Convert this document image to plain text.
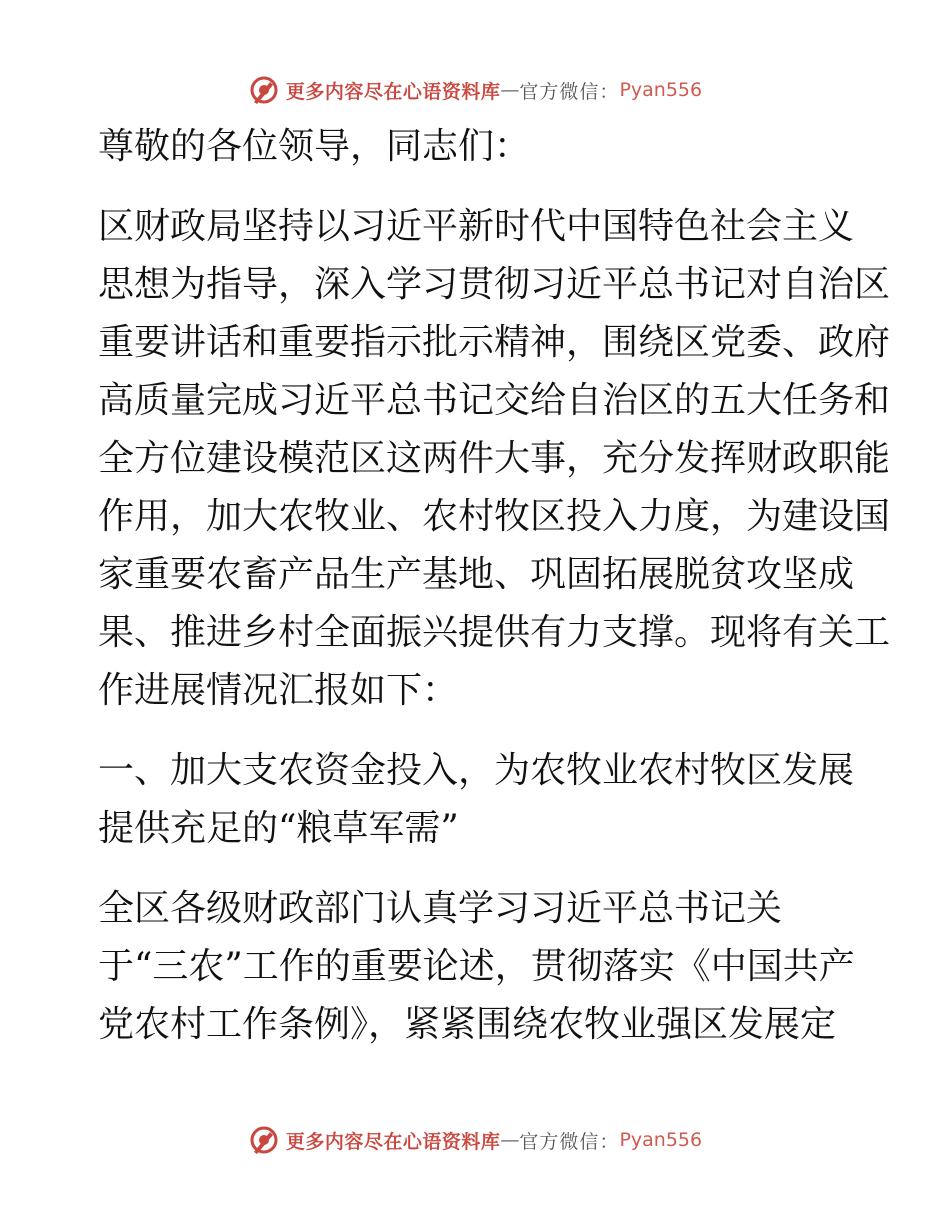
更多内容尽在心语资料库 — 官方微信： Pyan556

尊敬的各位领导，同志们：

区财政局坚持以习近平新时代中国特色社会主义
思想为指导，深入学习贯彻习近平总书记对自治区
重要讲话和重要指示批示精神，围绕区党委、政府
高质量完成习近平总书记交给自治区的五大任务和
全方位建设模范区这两件大事，充分发挥财政职能
作用，加大农牧业、农村牧区投入力度，为建设国
家重要农畜产品生产基地、巩固拓展脱贫攻坚成
果、推进乡村全面振兴提供有力支撑。现将有关工
作进展情况汇报如下：

一、加大支农资金投入，为农牧业农村牧区发展
提供充足的“粮草军需”

全区各级财政部门认真学习习近平总书记关
于“三农”工作的重要论述，贯彻落实《中国共产
党农村工作条例》，紧紧围绕农牧业强区发展定

更多内容尽在心语资料库 — 官方微信： Pyan556
